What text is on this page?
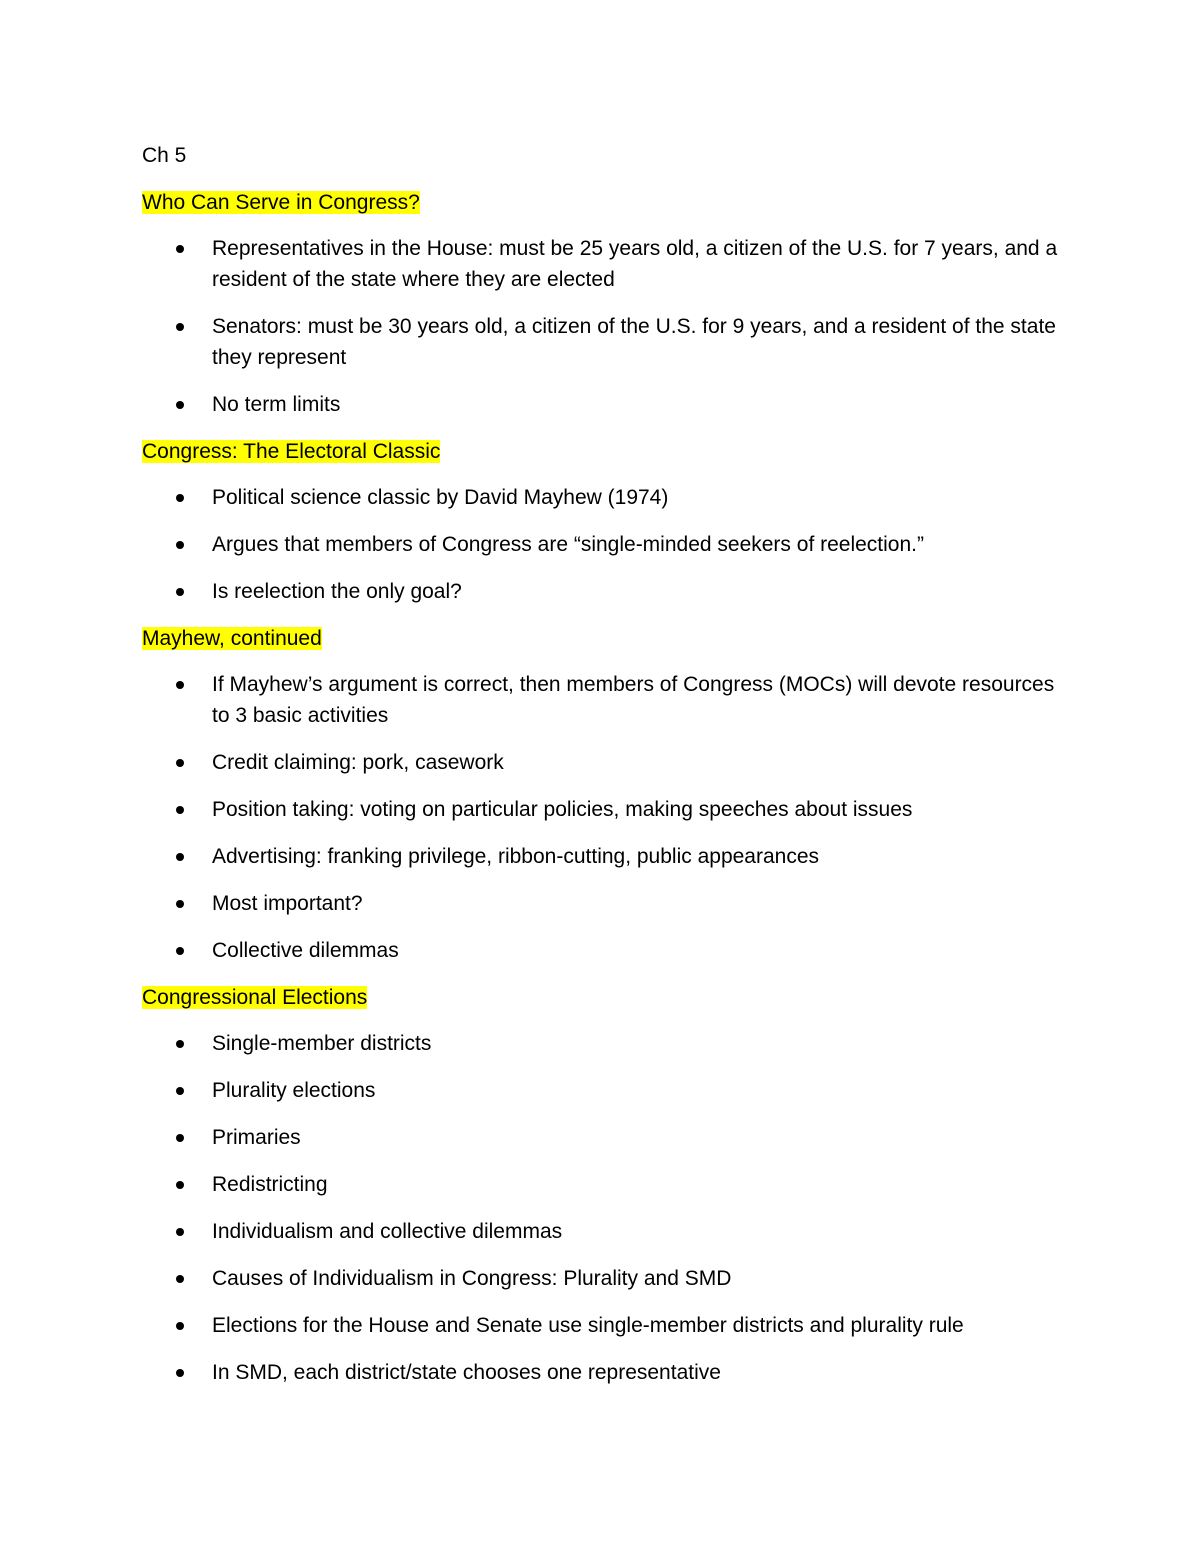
Ch 5
Who Can Serve in Congress?
Representatives in the House: must be 25 years old, a citizen of the U.S. for 7 years, and a resident of the state where they are elected
Senators: must be 30 years old, a citizen of the U.S. for 9 years, and a resident of the state they represent
No term limits
Congress: The Electoral Classic
Political science classic by David Mayhew (1974)
Argues that members of Congress are “single-minded seekers of reelection.”
Is reelection the only goal?
Mayhew, continued
If Mayhew’s argument is correct, then members of Congress (MOCs) will devote resources to 3 basic activities
Credit claiming: pork, casework
Position taking: voting on particular policies, making speeches about issues
Advertising: franking privilege, ribbon-cutting, public appearances
Most important?
Collective dilemmas
Congressional Elections
Single-member districts
Plurality elections
Primaries
Redistricting
Individualism and collective dilemmas
Causes of Individualism in Congress: Plurality and SMD
Elections for the House and Senate use single-member districts and plurality rule
In SMD, each district/state chooses one representative
